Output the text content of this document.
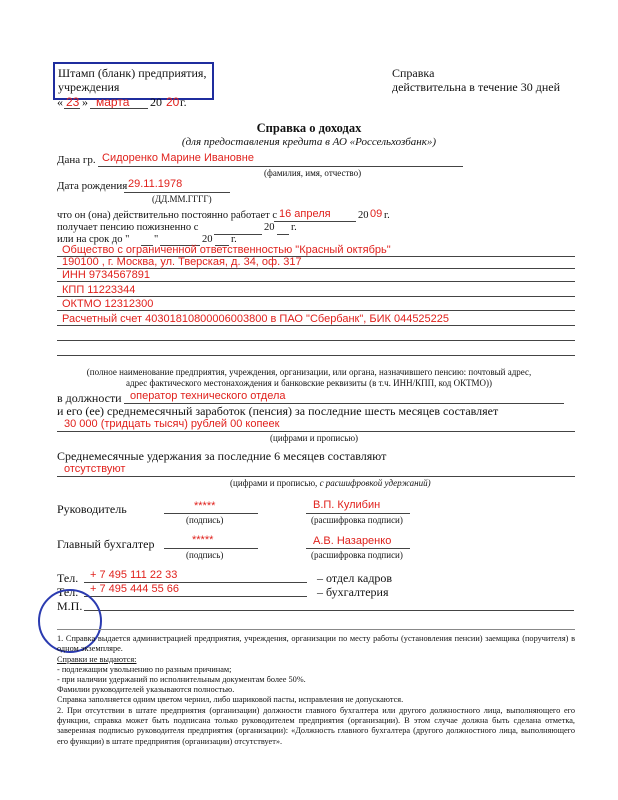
Штамп (бланк) предприятия,
учреждения
« 23 » марта 20 20 г.
Справка
действительна в течение 30 дней
Справка о доходах
(для предоставления кредита в АО «Россельхозбанк»)
Дана гр. Сидоренко Марине Ивановне
(фамилия, имя, отчество)
Дата рождения 29.11.1978
(ДД.ММ.ГГГГ)
что он (она) действительно постоянно работает с 16 апреля	20 09 г.
получает пенсию пожизненно с	20 г.
или на срок до " "	20 г.
Общество с ограниченной ответственностью "Красный октябрь"
190100 , г. Москва, ул. Тверская, д. 34, оф. 317
ИНН 9734567891
КПП 11223344
ОКТМО 12312300
Расчетный счет 40301810800006003800 в ПАО "Сбербанк", БИК 044525225
(полное наименование предприятия, учреждения, организации, или органа, назначившего пенсию: почтовый адрес,
адрес фактического местонахождения и банковские реквизиты (в т.ч. ИНН/КПП, код ОКТМО))
в должности оператор технического отдела
и его (ее) среднемесячный заработок (пенсия) за последние шесть месяцев составляет
30 000 (тридцать тысяч) рублей 00 копеек
(цифрами и прописью)
Среднемесячные удержания за последние 6 месяцев составляют
отсутствуют
(цифрами и прописью, с расшифровкой удержаний)
Руководитель	*****
(подпись)
В.П. Кулибин
(расшифровка подписи)
Главный бухгалтер	*****
(подпись)
А.В. Назаренко
(расшифровка подписи)
Тел. + 7 495 111 22 33	– отдел кадров
Тел. + 7 495 444 55 66	– бухгалтерия
М.П.
1. Справка выдается администрацией предприятия, учреждения, организации по месту работы (установления пенсии) заемщика (поручителя) в одном экземпляре.
Справки не выдаются:
- подлежащим увольнению по разным причинам;
- при наличии удержаний по исполнительным документам более 50%.
Фамилии руководителей указываются полностью.
Справка заполняется одним цветом чернил, либо шариковой пасты, исправления не допускаются.
2. При отсутствии в штате предприятия (организации) должности главного бухгалтера или другого должностного лица, выполняющего его функции, справка может быть подписана только руководителем предприятия (организации). В этом случае должна быть сделана отметка, заверенная подписью руководителя предприятия (организации): «Должность главного бухгалтера (другого должностного лица, выполняющего его функции) в штате предприятия (организации) отсутствует».
